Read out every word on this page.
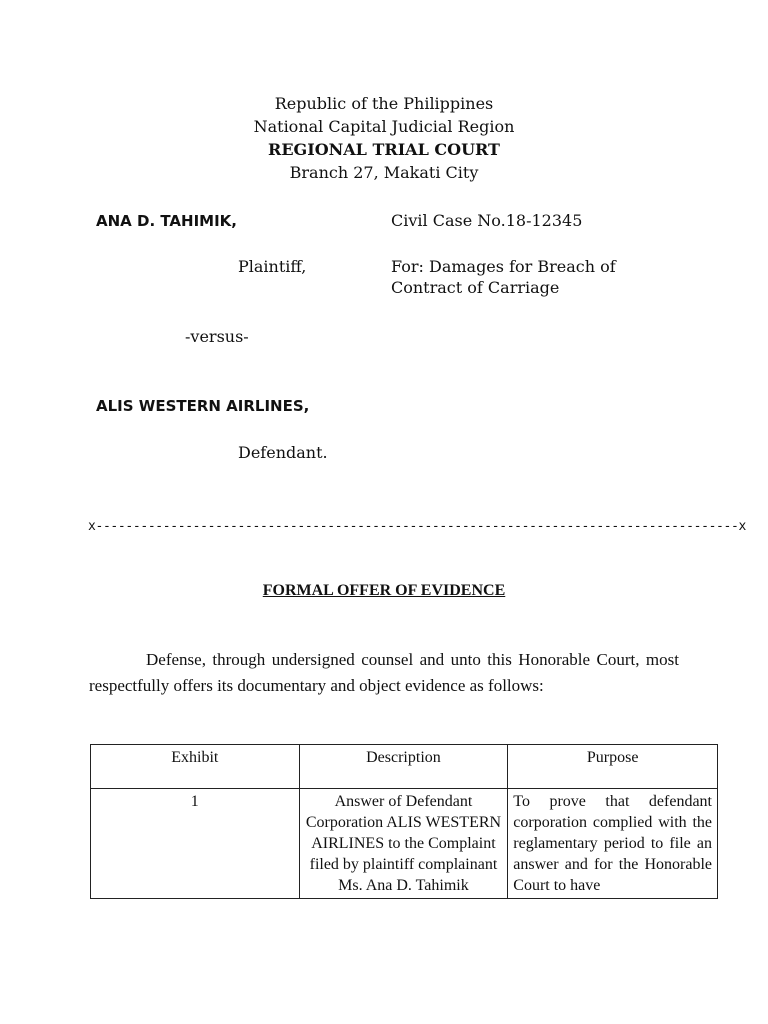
Republic of the Philippines
National Capital Judicial Region
REGIONAL TRIAL COURT
Branch 27, Makati City
ANA D. TAHIMIK,	Civil Case No.18-12345
Plaintiff,	For: Damages for Breach of
Contract of Carriage
-versus-
ALIS WESTERN AIRLINES,
Defendant.
x--------------------------------------------------------------------------------------x
FORMAL OFFER OF EVIDENCE
Defense, through undersigned counsel and unto this Honorable Court, most respectfully offers its documentary and object evidence as follows:
Exhibit	Description	Purpose
1	Answer of Defendant Corporation ALIS WESTERN AIRLINES to the Complaint filed by plaintiff complainant Ms. Ana D. Tahimik	To prove that defendant corporation complied with the reglamentary period to file an answer and for the Honorable Court to have
